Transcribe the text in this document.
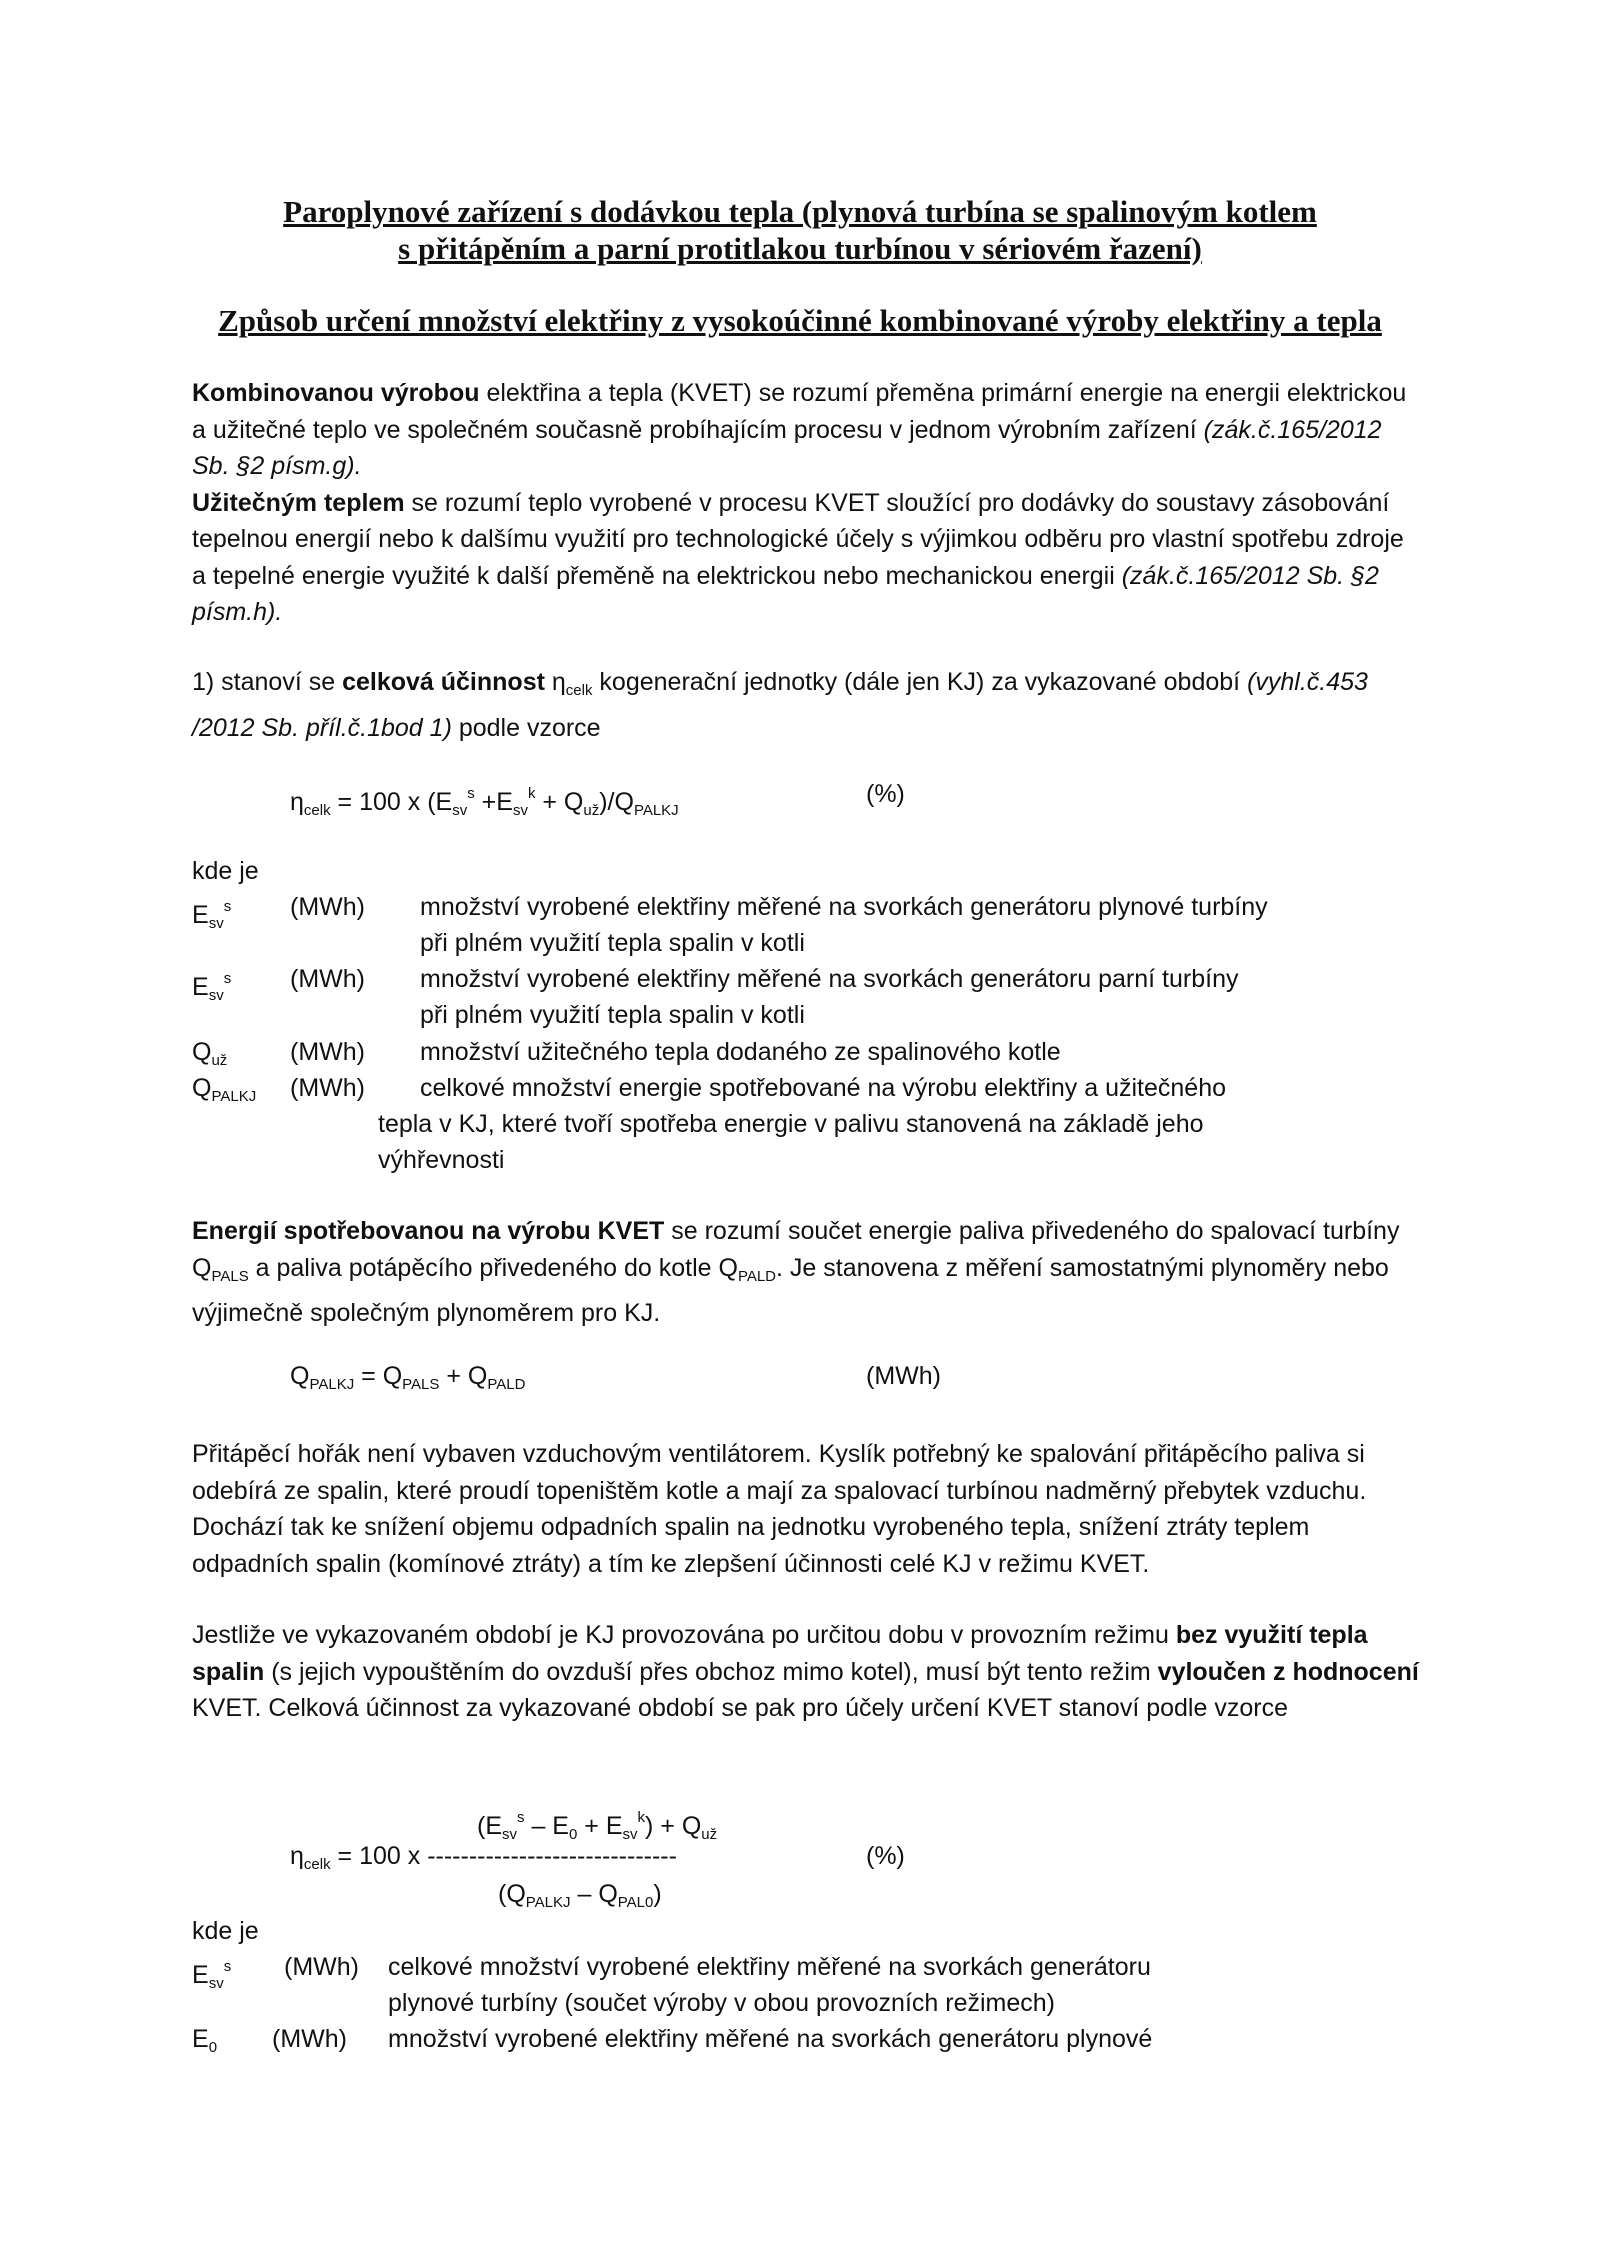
Paroplynové zařízení s dodávkou tepla (plynová turbína se spalinovým kotlem
s přitápěním a parní protitlakou turbínou v sériovém řazení)
Způsob určení množství elektřiny z vysokoúčinné kombinované výroby elektřiny a tepla
Kombinovanou výrobou elektřina a tepla (KVET) se rozumí přeměna primární energie na energii elektrickou a užitečné teplo ve společném současně probíhajícím procesu v jednom výrobním zařízení (zák.č.165/2012 Sb. §2 písm.g).
Užitečným teplem se rozumí teplo vyrobené v procesu KVET sloužící pro dodávky do soustavy zásobování tepelnou energií nebo k dalšímu využití pro technologické účely s výjimkou odběru pro vlastní spotřebu zdroje a tepelné energie využité k další přeměně na elektrickou nebo mechanickou energii (zák.č.165/2012 Sb. §2 písm.h).
1) stanoví se celková účinnost $\eta_{celk}$ kogenerační jednotky (dále jen KJ) za vykazované období (vyhl.č.453 /2012 Sb. příl.č.1bod 1) podle vzorce
$\eta_{celk} = 100$ x $(E_{sv}^s +E_{sv}^k + Q_{už})/Q_{PALKJ}$
(%)
kde je
$E_{sv}^s$ (MWh) množství vyrobené elektřiny měřené na svorkách generátoru plynové turbíny
při plném využití tepla spalin v kotli
$E_{sv}^s$ (MWh) množství vyrobené elektřiny měřené na svorkách generátoru parní turbíny
při plném využití tepla spalin v kotli
$Q_{už}$	(MWh) množství užitečného tepla dodaného ze spalinového kotle
$Q_{PALKJ}$ (MWh) celkové množství energie spotřebované na výrobu elektřiny a užitečného
tepla v KJ, které tvoří spotřeba energie v palivu stanovená na základě jeho
výhřevnosti
Energií spotřebovanou na výrobu KVET se rozumí součet energie paliva přivedeného do spalovací turbíny $Q_{PALS}$ a paliva potápěcího přivedeného do kotle $Q_{PALD}$. Je stanovena z měření samostatnými plynoměry nebo výjimečně společným plynoměrem pro KJ.
$Q_{PALKJ} = Q_{PALS} + Q_{PALD}$	(MWh)
Přitápěcí hořák není vybaven vzduchovým ventilátorem. Kyslík potřebný ke spalování přitápěcího paliva si odebírá ze spalin, které proudí topeništěm kotle a mají za spalovací turbínou nadměrný přebytek vzduchu. Dochází tak ke snížení objemu odpadních spalin na jednotku vyrobeného tepla, snížení ztráty teplem odpadních spalin (komínové ztráty) a tím ke zlepšení účinnosti celé KJ v režimu KVET.
Jestliže ve vykazovaném období je KJ provozována po určitou dobu v provozním režimu bez využití tepla spalin (s jejich vypouštěním do ovzduší přes obchoz mimo kotel), musí být tento režim vyloučen z hodnocení KVET. Celková účinnost za vykazované období se pak pro účely určení KVET stanoví podle vzorce
$(E_{sv}^s - E_0 + E_{sv}^k) + Q_{už}$
$\eta_{celk} = 100$ x ------------------------------	(%)
$(Q_{PALKJ} - Q_{PAL0})$
kde je
$E_{sv}^s$ (MWh) celkové množství vyrobené elektřiny měřené na svorkách generátoru
plynové turbíny (součet výroby v obou provozních režimech)
$E_0$ (MWh) množství vyrobené elektřiny měřené na svorkách generátoru plynové
